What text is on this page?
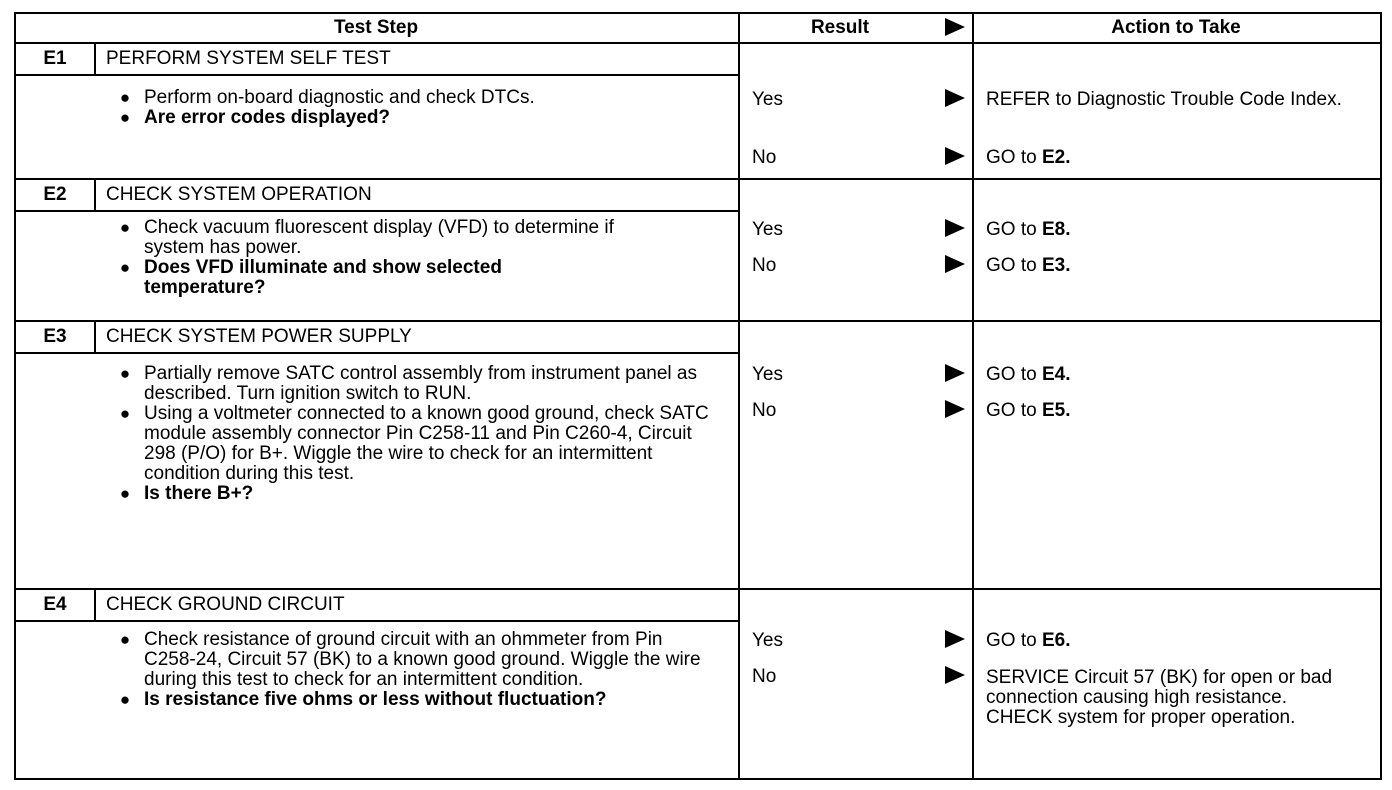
Test Step	Result	Action to Take
E1	PERFORM SYSTEM SELF TEST
● Perform on-board diagnostic and check DTCs.
● Are error codes displayed?
Yes	REFER to Diagnostic Trouble Code Index.
No	GO to E2.
E2	CHECK SYSTEM OPERATION
● Check vacuum fluorescent display (VFD) to determine if system has power.
● Does VFD illuminate and show selected temperature?
Yes	GO to E8.
No	GO to E3.
E3	CHECK SYSTEM POWER SUPPLY
● Partially remove SATC control assembly from instrument panel as described. Turn ignition switch to RUN.
● Using a voltmeter connected to a known good ground, check SATC module assembly connector Pin C258-11 and Pin C260-4, Circuit 298 (P/O) for B+. Wiggle the wire to check for an intermittent condition during this test.
● Is there B+?
Yes	GO to E4.
No	GO to E5.
E4	CHECK GROUND CIRCUIT
● Check resistance of ground circuit with an ohmmeter from Pin C258-24, Circuit 57 (BK) to a known good ground. Wiggle the wire during this test to check for an intermittent condition.
● Is resistance five ohms or less without fluctuation?
Yes	GO to E6.
No	SERVICE Circuit 57 (BK) for open or bad connection causing high resistance. CHECK system for proper operation.
